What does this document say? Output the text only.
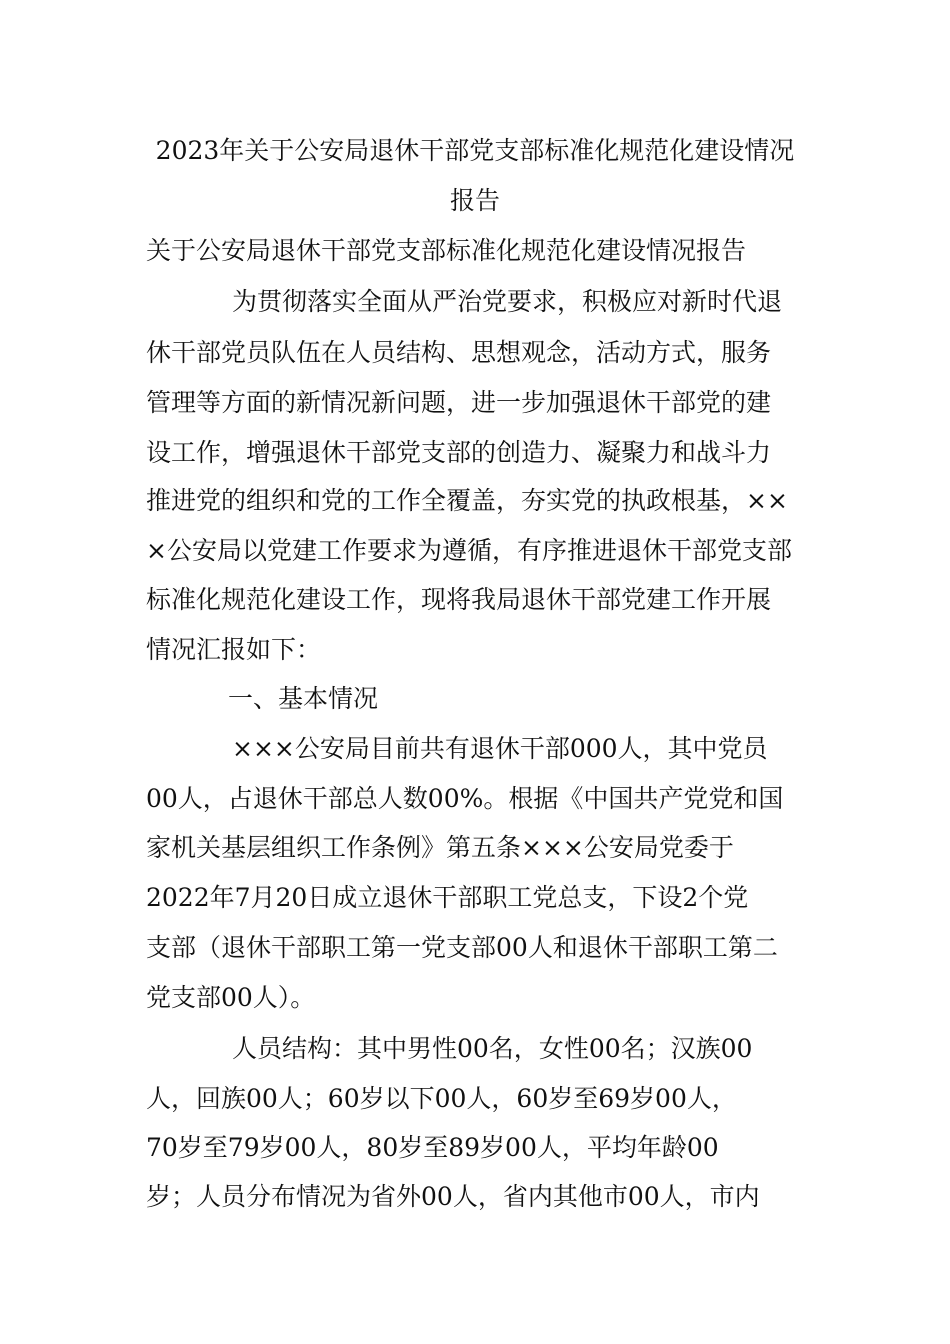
2023年关于公安局退休干部党支部标准化规范化建设情况
报告
关于公安局退休干部党支部标准化规范化建设情况报告
为贯彻落实全面从严治党要求，积极应对新时代退
休干部党员队伍在人员结构、思想观念，活动方式，服务
管理等方面的新情况新问题，进一步加强退休干部党的建
设工作，增强退休干部党支部的创造力、凝聚力和战斗力
推进党的组织和党的工作全覆盖，夯实党的执政根基，××
×公安局以党建工作要求为遵循，有序推进退休干部党支部
标准化规范化建设工作，现将我局退休干部党建工作开展
情况汇报如下：
一、基本情况
×××公安局目前共有退休干部000人，其中党员
00人，占退休干部总人数00%。根据《中国共产党党和国
家机关基层组织工作条例》第五条×××公安局党委于
2022年7月20日成立退休干部职工党总支，下设2个党
支部（退休干部职工第一党支部00人和退休干部职工第二
党支部00人）。
人员结构：其中男性00名，女性00名；汉族00
人，回族00人；60岁以下00人，60岁至69岁00人，
70岁至79岁00人，80岁至89岁00人，平均年龄00
岁；人员分布情况为省外00人，省内其他市00人，市内
